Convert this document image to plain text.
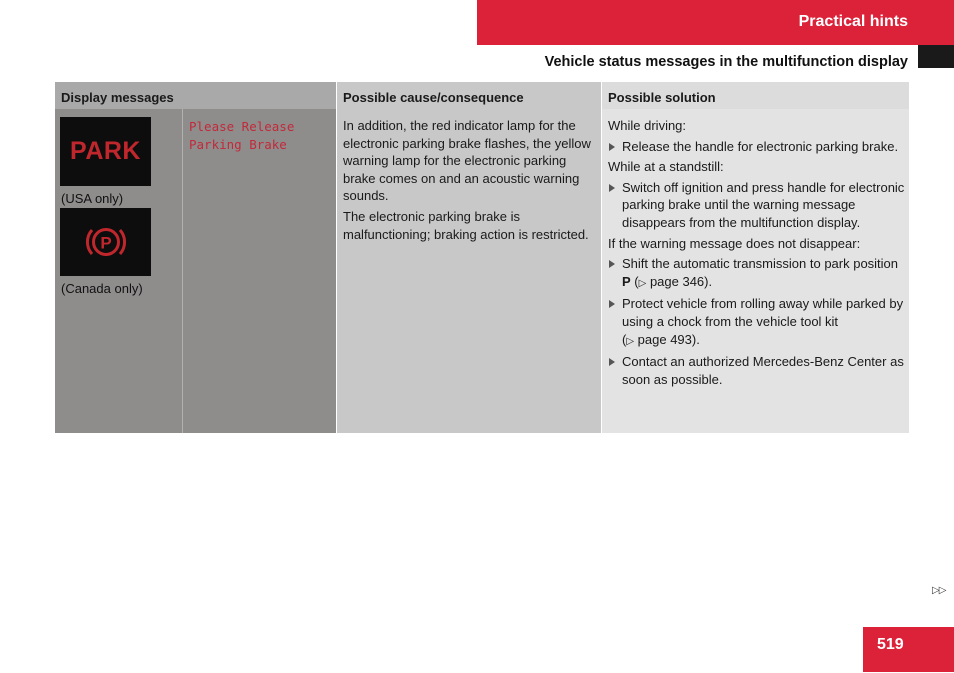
Practical hints
Vehicle status messages in the multifunction display
Display messages	Possible cause/consequence	Possible solution
PARK
(USA only)
P
(Canada only)
Please Release
Parking Brake

In addition, the red indicator lamp for the electronic parking brake flashes, the yellow warning lamp for the electronic parking brake comes on and an acoustic warning sounds.

The electronic parking brake is malfunctioning; braking action is restricted.

While driving:

Release the handle for electronic parking brake.

While at a standstill:

Switch off ignition and press handle for electronic parking brake until the warning message disappears from the multifunction display.

If the warning message does not disappear:

Shift the automatic transmission to park position P (▷ page 346).
Protect vehicle from rolling away while parked by using a chock from the vehicle tool kit
(▷ page 493).
Contact an authorized Mercedes-Benz Center as soon as possible.
▷▷
519
